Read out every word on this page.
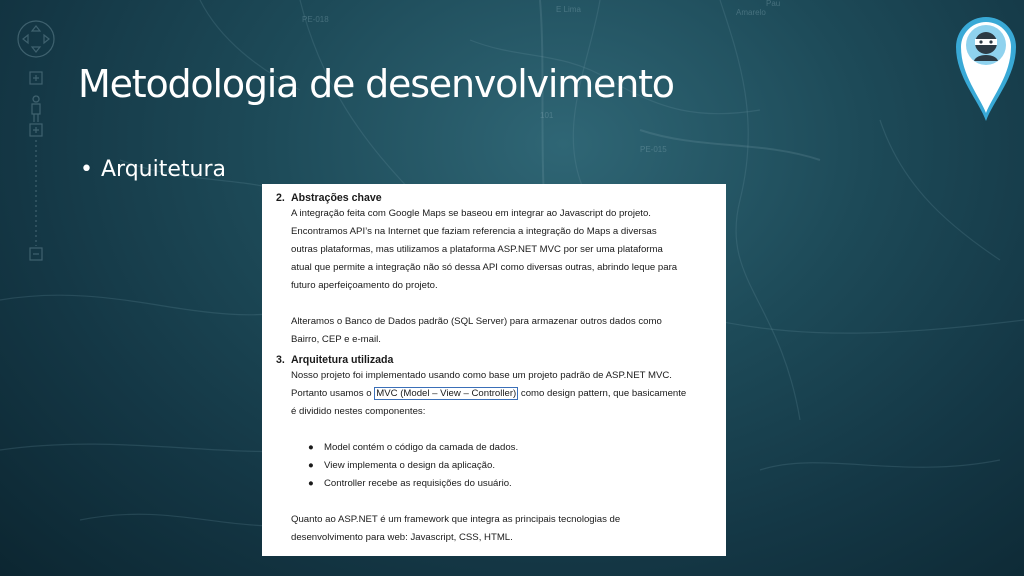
E Lima
Pau
Amarelo
PE-018
101
PE-015
Metodologia de desenvolvimento
• Arquitetura
2. Abstrações chave
A integração feita com Google Maps se baseou em integrar ao Javascript do projeto.
Encontramos API’s na Internet que faziam referencia a integração do Maps a diversas
outras plataformas, mas utilizamos a plataforma ASP.NET MVC por ser uma plataforma
atual que permite a integração não só dessa API como diversas outras, abrindo leque para
futuro aperfeiçoamento do projeto.
Alteramos o Banco de Dados padrão (SQL Server) para armazenar outros dados como
Bairro, CEP e e-mail.
3. Arquitetura utilizada
Nosso projeto foi implementado usando como base um projeto padrão de ASP.NET MVC.
Portanto usamos o MVC (Model – View – Controller) como design pattern, que basicamente
é dividido nestes componentes:
●	Model contém o código da camada de dados.
●	View implementa o design da aplicação.
●	Controller recebe as requisições do usuário.
Quanto ao ASP.NET é um framework que integra as principais tecnologias de
desenvolvimento para web: Javascript, CSS, HTML.
